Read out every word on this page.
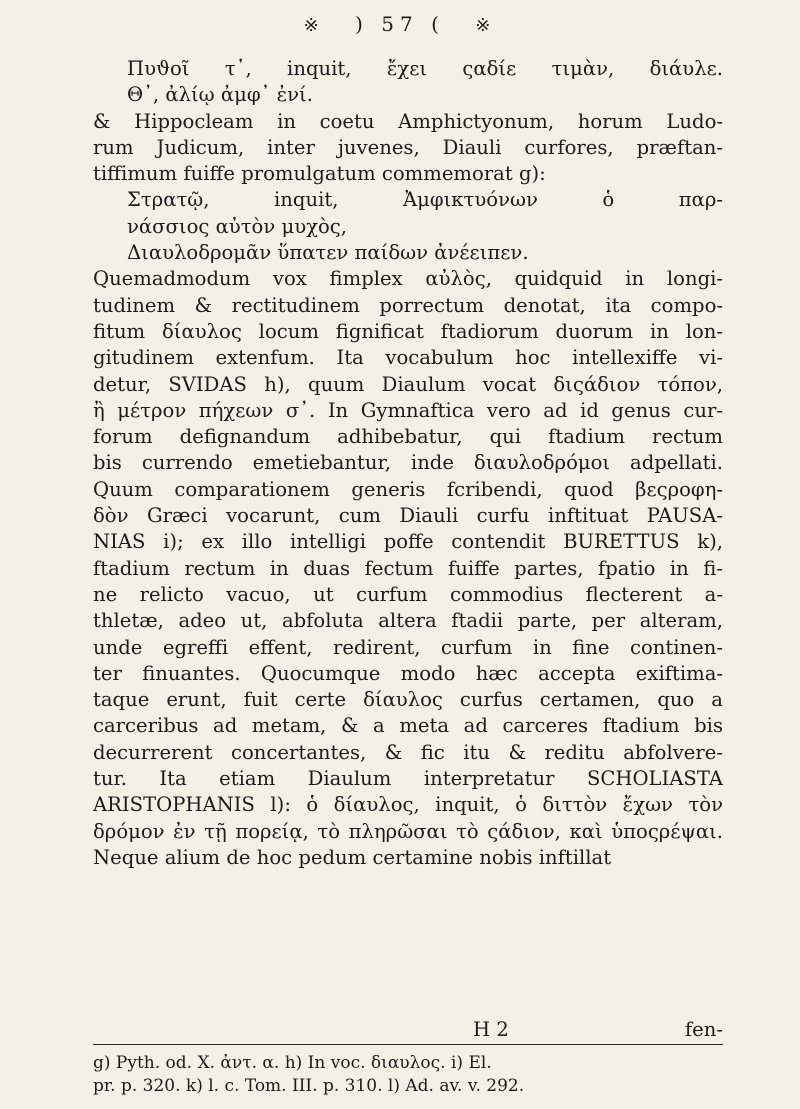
※ ) 57 ( ※
Πυϑοῖ τ᾽, inquit, ἔχει ςαδίε τιμὰν, διάυλε.
Θ᾽, ἀλίῳ ἀμφ᾽ ἐνί.
& Hippocleam in coetu Amphictyonum, horum Ludo-
rum Judicum, inter juvenes, Diauli curfores, præftan-
tiffimum fuiffe promulgatum commemorat g):
Στρατῷ, inquit, Ἀμφικτυόνων ὁ παρ-
νάσσιος αὐτὸν μυχὸς,
Διαυλοδρομᾶν ὕπατεν παίδων ἀνέειπεν.
Quemadmodum vox fimplex αὐλὸς, quidquid in longi-
tudinem & rectitudinem porrectum denotat, ita compo-
fitum δίαυλος locum fignificat ftadiorum duorum in lon-
gitudinem extenfum. Ita vocabulum hoc intellexiffe vi-
detur, SVIDAS h), quum Diaulum vocat διςάδιον τόπον,
ἢ μέτρον πήχεων σ᾽. In Gymnaftica vero ad id genus cur-
forum defignandum adhibebatur, qui ftadium rectum
bis currendo emetiebantur, inde διαυλοδρόμοι adpellati.
Quum comparationem generis fcribendi, quod βεςροφη-
δὸν Græci vocarunt, cum Diauli curfu inftituat PAUSA-
NIAS i); ex illo intelligi poffe contendit BURETTUS k),
ftadium rectum in duas fectum fuiffe partes, fpatio in fi-
ne relicto vacuo, ut curfum commodius flecterent a-
thletæ, adeo ut, abfoluta altera ftadii parte, per alteram,
unde egreffi effent, redirent, curfum in fine continen-
ter finuantes. Quocumque modo hæc accepta exiftima-
taque erunt, fuit certe δίαυλος curfus certamen, quo a
carceribus ad metam, & a meta ad carceres ftadium bis
decurrerent concertantes, & fic itu & reditu abfolvere-
tur. Ita etiam Diaulum interpretatur SCHOLIASTA
ARISTOPHANIS l): ὁ δίαυλος, inquit, ὁ διττὸν ἔχων τὸν
δρόμον ἐν τῇ πορείᾳ, τὸ πληρῶσαι τὸ ςάδιον, καὶ ὑποςρέψαι.
Neque alium de hoc pedum certamine nobis inftillat
H 2	fen-
g) Pyth. od. X. ἀντ. α. h) In voc. διαυλος. i) El.
pr. p. 320. k) l. c. Tom. III. p. 310. l) Ad. av. v. 292.
